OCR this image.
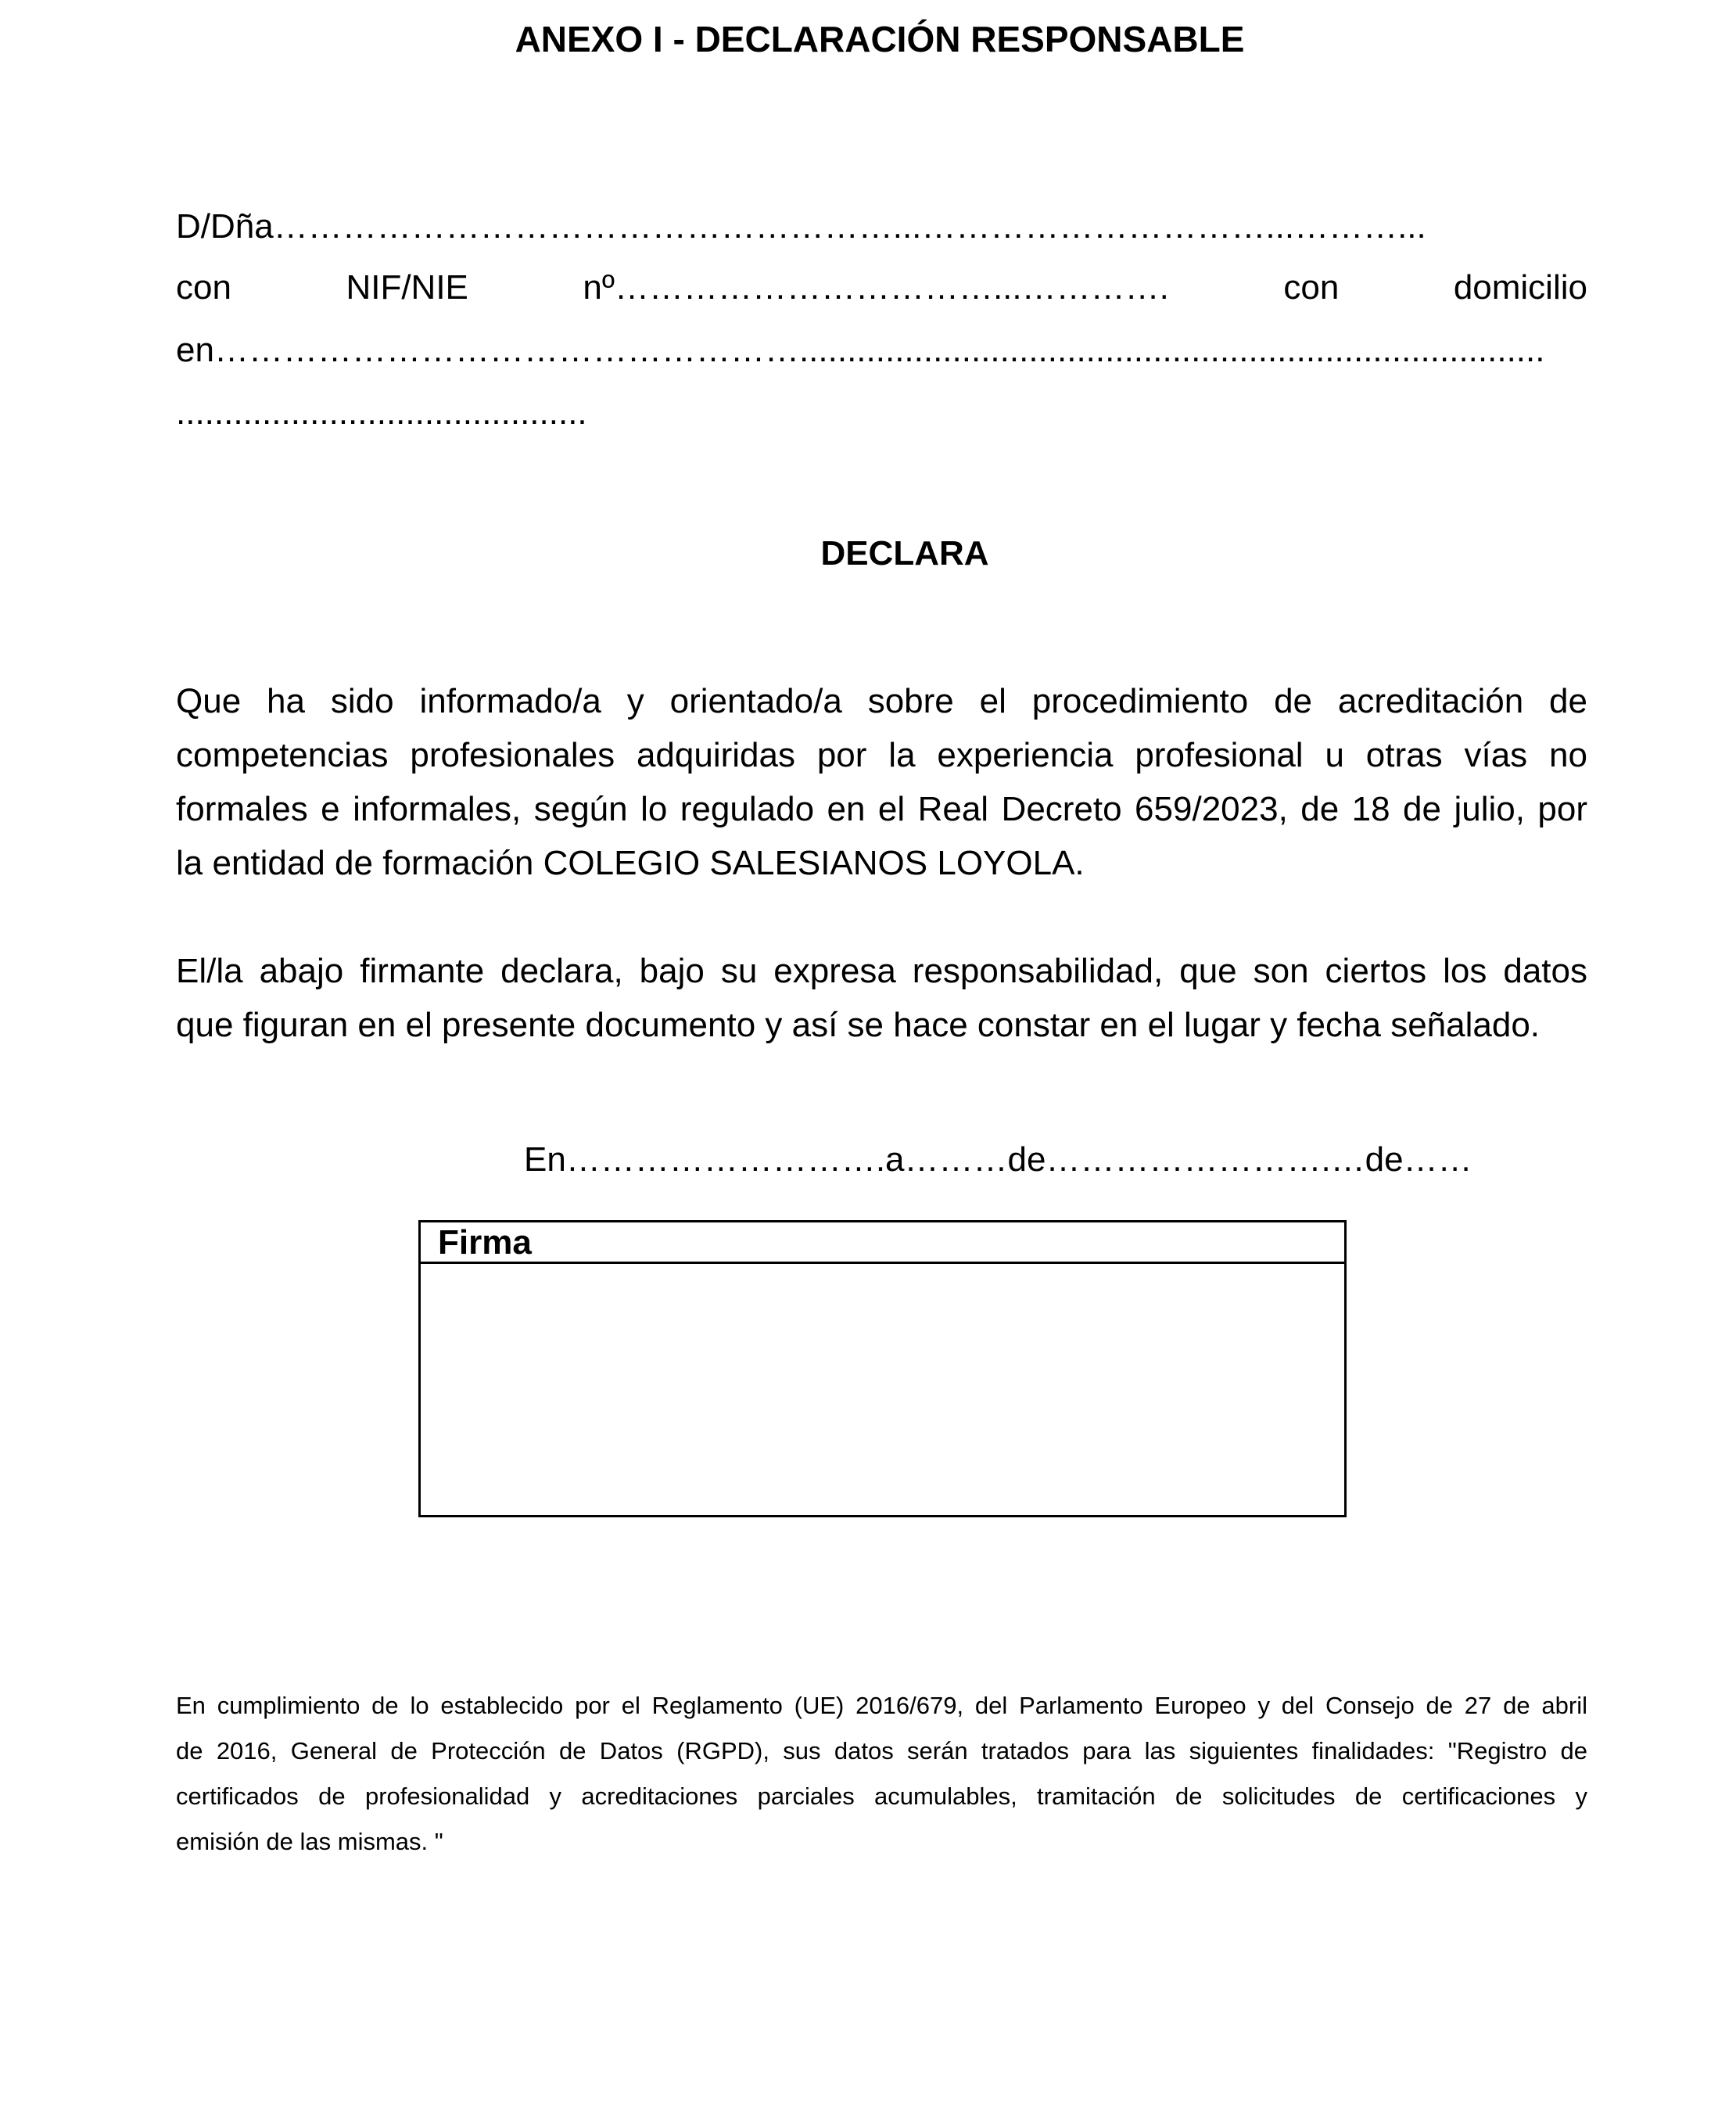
ANEXO I - DECLARACIÓN RESPONSABLE
D/Dña………………………………………………...…………………………...………...
con	NIF/NIE	nº……………………………...………….	con	domicilio
en……………………………………………..............................................................................
...........................................
DECLARA
Que ha sido informado/a y orientado/a sobre el procedimiento de acreditación de
competencias profesionales adquiridas por la experiencia profesional u otras vías no
formales e informales, según lo regulado en el Real Decreto 659/2023, de 18 de julio, por
la entidad de formación COLEGIO SALESIANOS LOYOLA.
El/la abajo firmante declara, bajo su expresa responsabilidad, que son ciertos los datos
que figuran en el presente documento y así se hace constar en el lugar y fecha señalado.
En……………………….a………de…………………….…de……
Firma
En cumplimiento de lo establecido por el Reglamento (UE) 2016/679, del Parlamento Europeo y del Consejo de 27 de abril
de 2016, General de Protección de Datos (RGPD), sus datos serán tratados para las siguientes finalidades: "Registro de
certificados de profesionalidad y acreditaciones parciales acumulables, tramitación de solicitudes de certificaciones y
emisión de las mismas. "
